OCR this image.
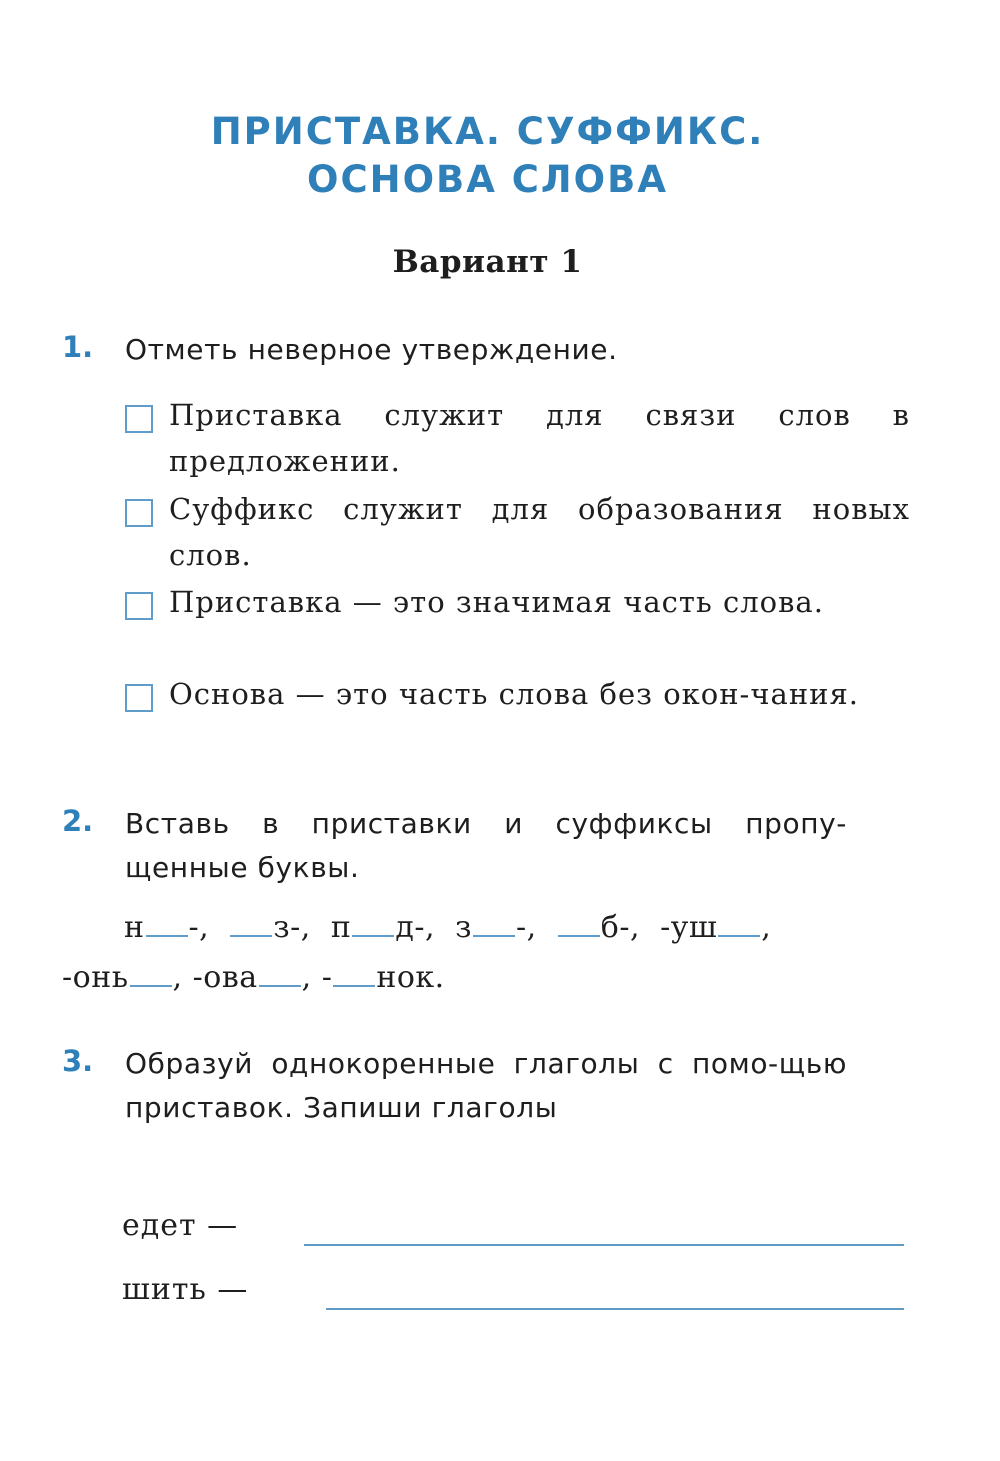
ПРИСТАВКА. СУФФИКС.
ОСНОВА СЛОВА
Вариант 1
1. Отметь неверное утверждение.
Приставка служит для связи слов в предложении.
Суффикс служит для образования новых слов.
Приставка — это значимая часть слова.
Основа — это часть слова без окон-чания.
2. Вставь в приставки и суффиксы пропу-щенные буквы.
н -, з-, п д-, з -, б-, -уш ,
-онь , -ова , - нок.
3. Образуй однокоренные глаголы с помо-щью приставок. Запиши глаголы
едет —
шить —
